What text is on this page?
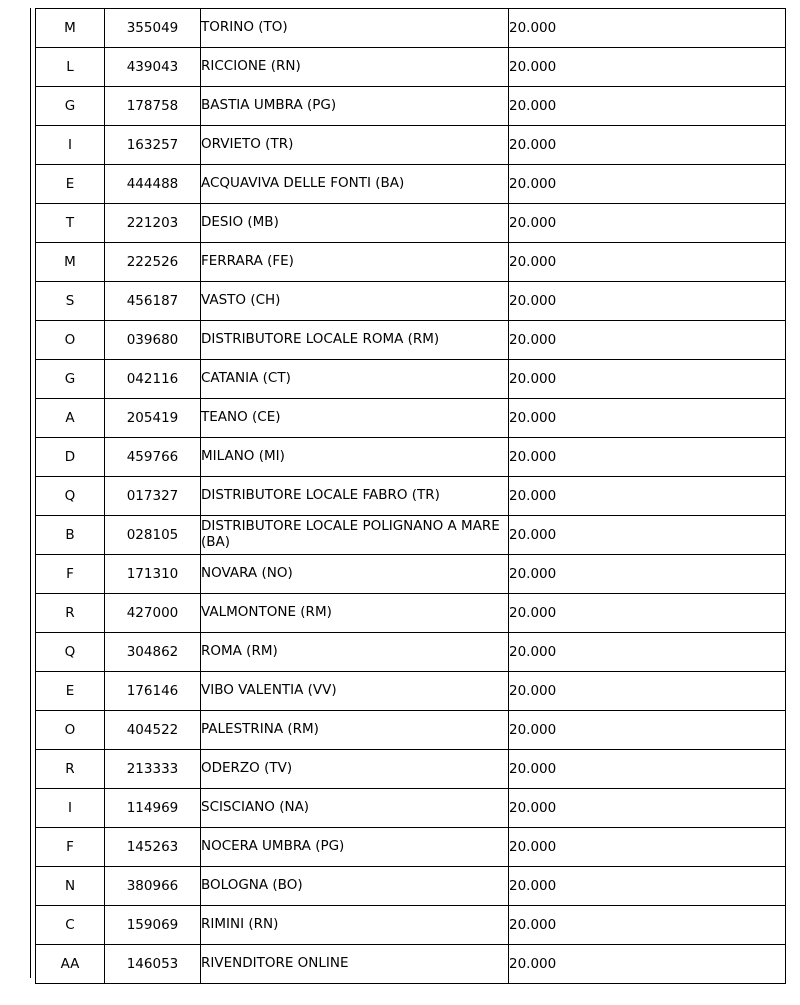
M	355049	TORINO (TO)	20.000
L	439043	RICCIONE (RN)	20.000
G	178758	BASTIA UMBRA (PG)	20.000
I	163257	ORVIETO (TR)	20.000
E	444488	ACQUAVIVA DELLE FONTI (BA)	20.000
T	221203	DESIO (MB)	20.000
M	222526	FERRARA (FE)	20.000
S	456187	VASTO (CH)	20.000
O	039680	DISTRIBUTORE LOCALE ROMA (RM)	20.000
G	042116	CATANIA (CT)	20.000
A	205419	TEANO (CE)	20.000
D	459766	MILANO (MI)	20.000
Q	017327	DISTRIBUTORE LOCALE FABRO (TR)	20.000
B	028105	DISTRIBUTORE LOCALE POLIGNANO A MARE (BA)	20.000
F	171310	NOVARA (NO)	20.000
R	427000	VALMONTONE (RM)	20.000
Q	304862	ROMA (RM)	20.000
E	176146	VIBO VALENTIA (VV)	20.000
O	404522	PALESTRINA (RM)	20.000
R	213333	ODERZO (TV)	20.000
I	114969	SCISCIANO (NA)	20.000
F	145263	NOCERA UMBRA (PG)	20.000
N	380966	BOLOGNA (BO)	20.000
C	159069	RIMINI (RN)	20.000
AA	146053	RIVENDITORE ONLINE	20.000
